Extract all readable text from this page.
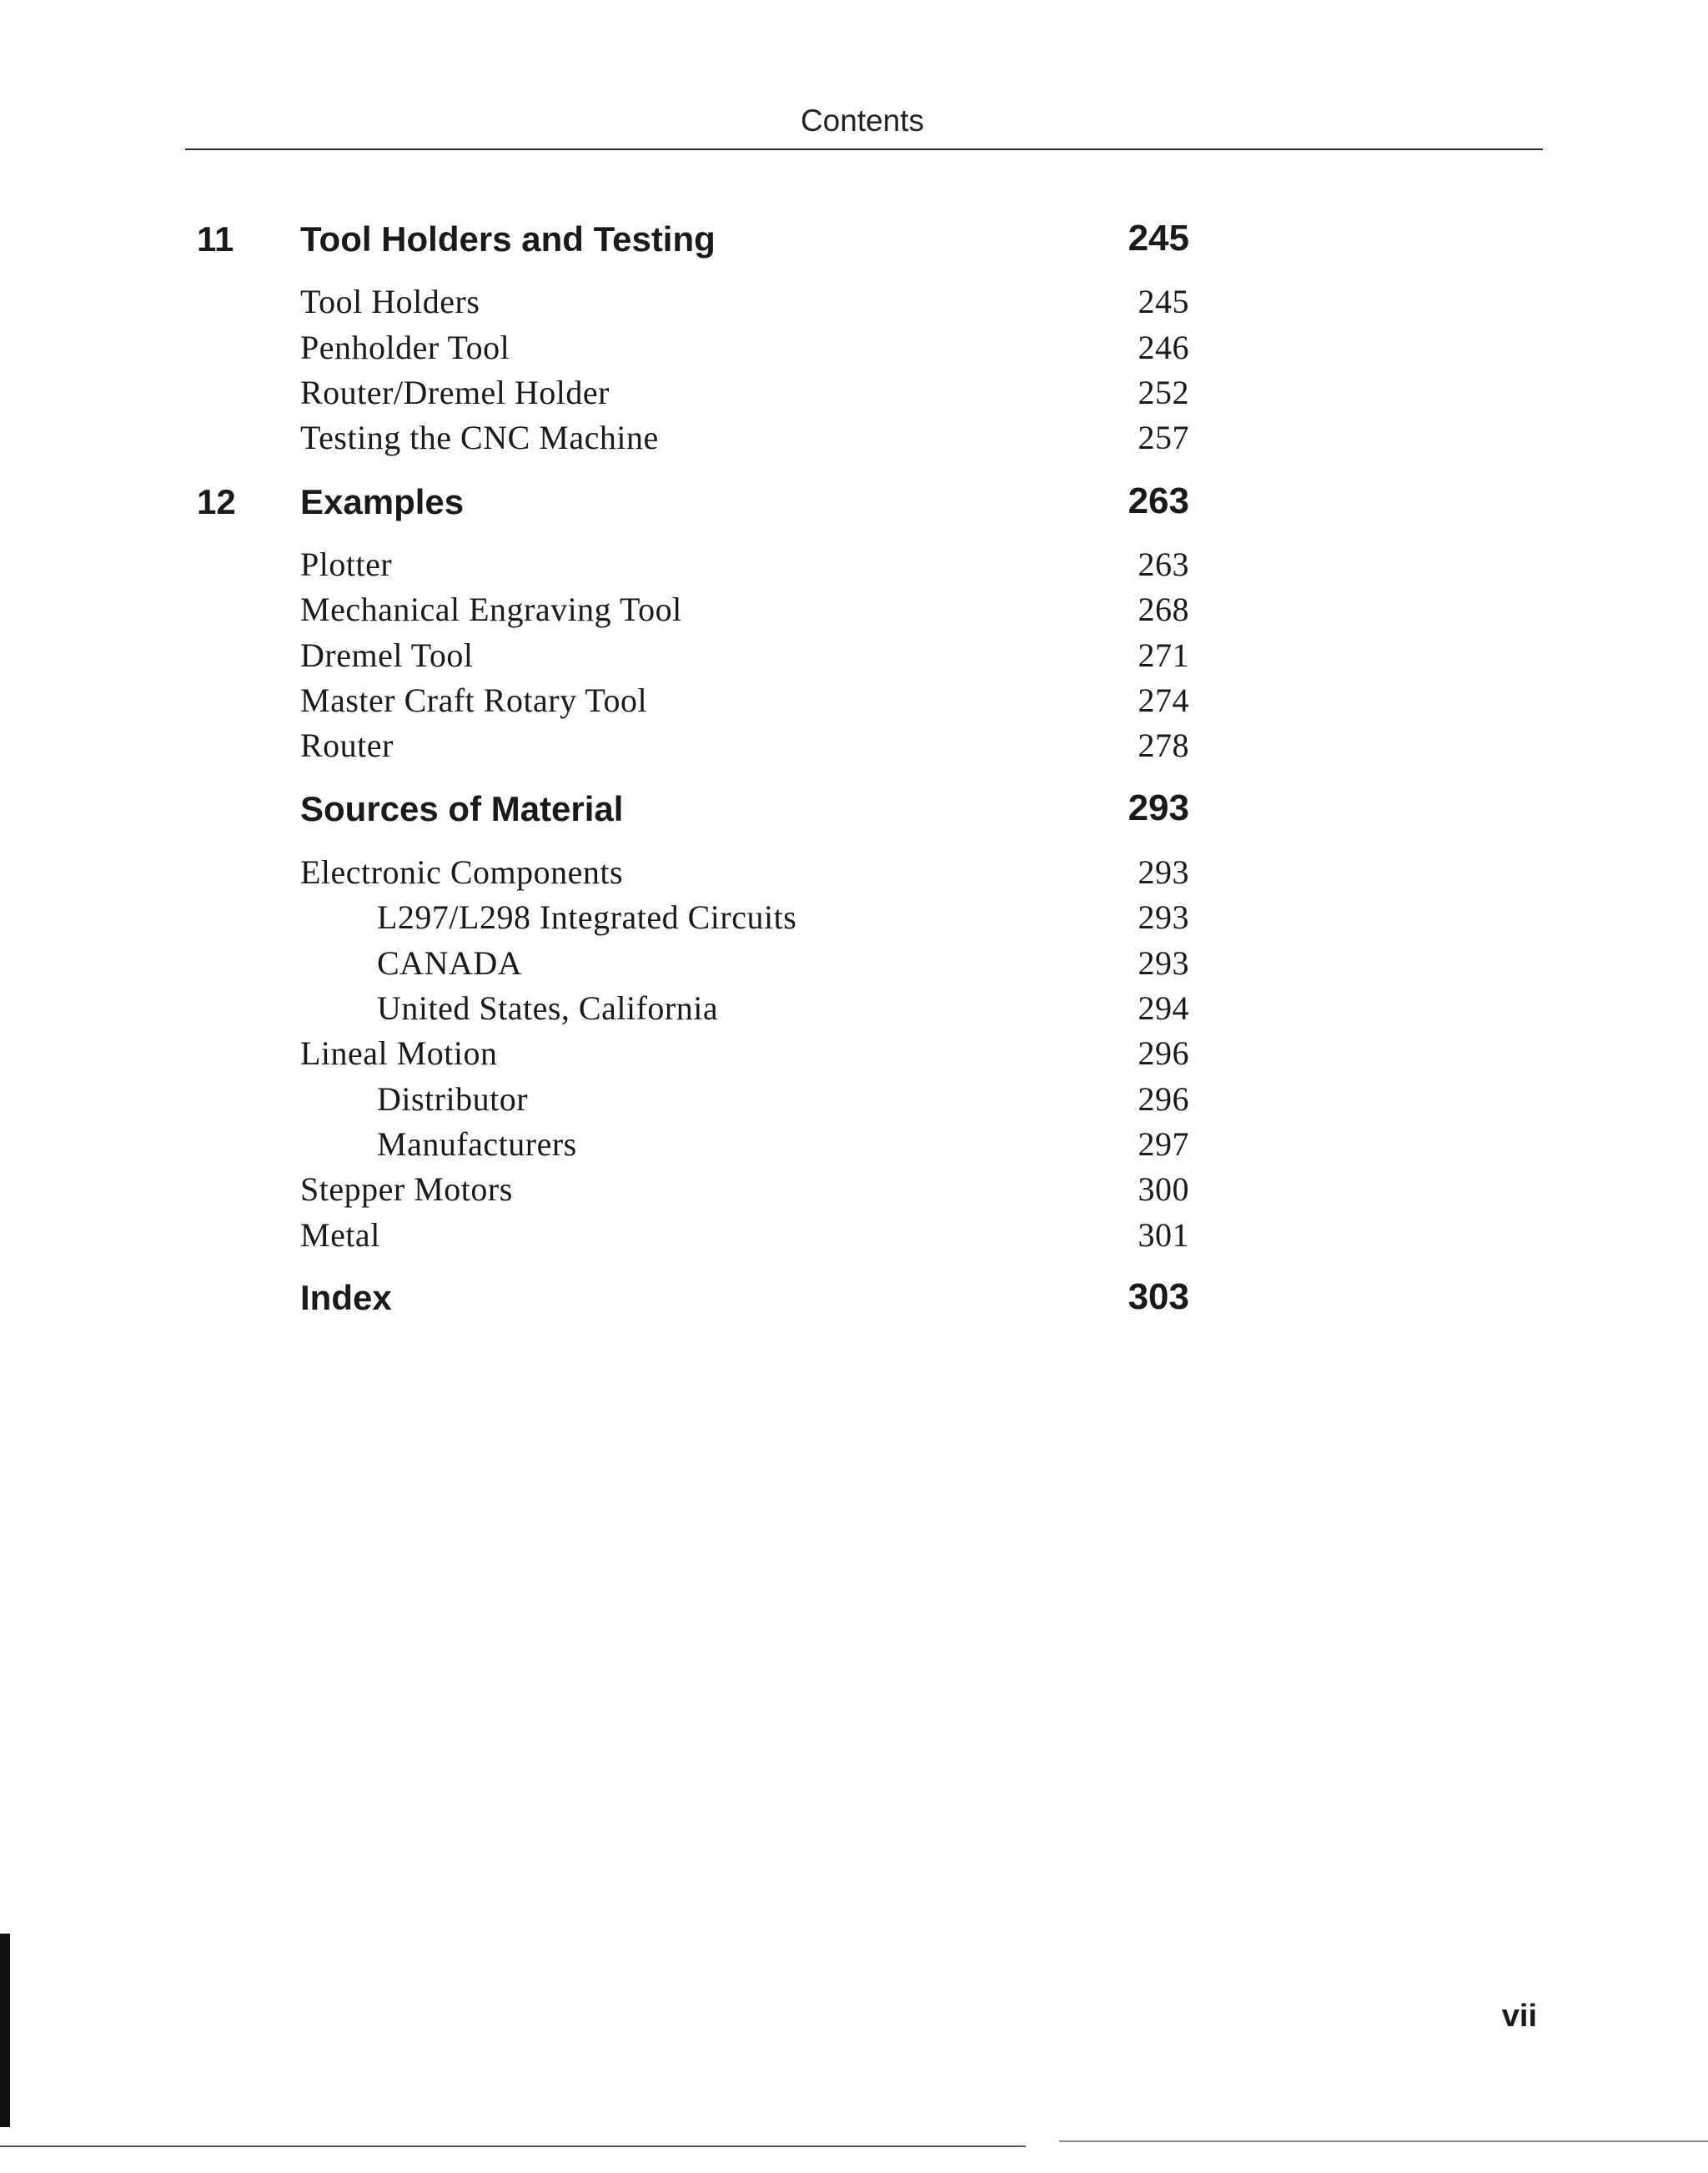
Contents
11 Tool Holders and Testing	245
Tool Holders	245
Penholder Tool	246
Router/Dremel Holder	252
Testing the CNC Machine	257
12 Examples	263
Plotter	263
Mechanical Engraving Tool	268
Dremel Tool	271
Master Craft Rotary Tool	274
Router	278
Sources of Material	293
Electronic Components	293
L297/L298 Integrated Circuits	293
CANADA	293
United States, California	294
Lineal Motion	296
Distributor	296
Manufacturers	297
Stepper Motors	300
Metal	301
Index	303
vii
